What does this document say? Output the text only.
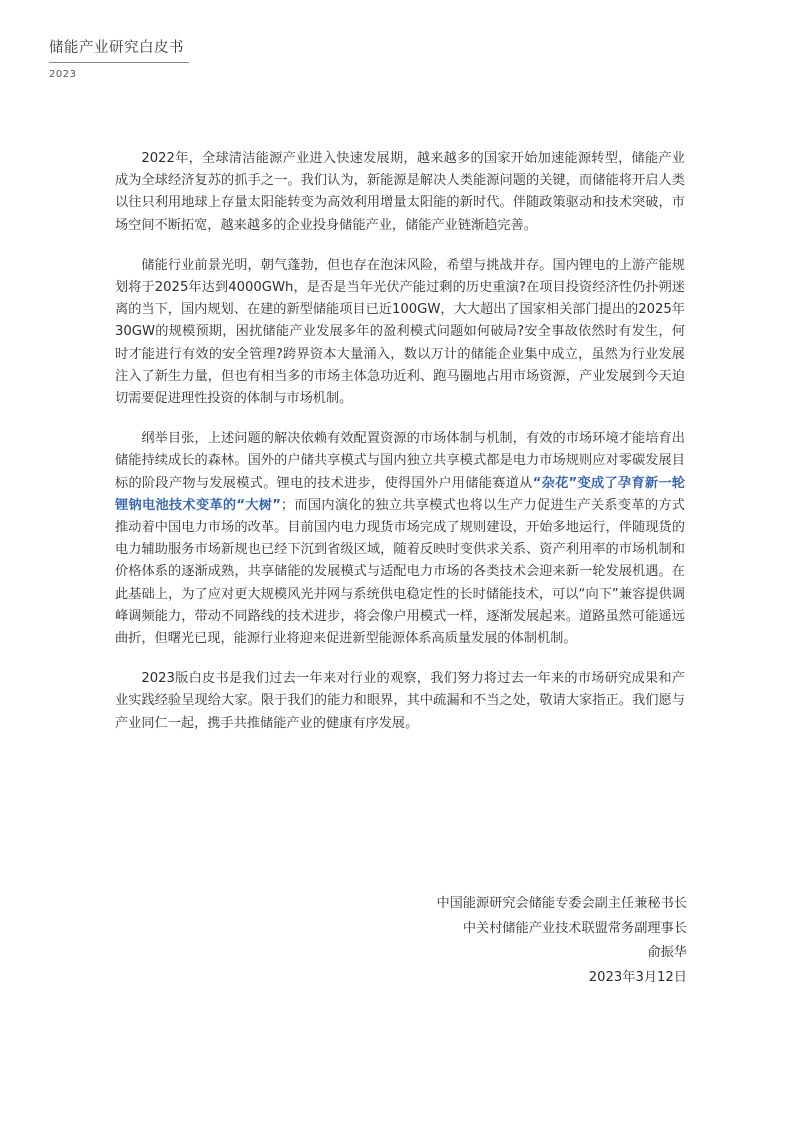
储能产业研究白皮书
2023

2022年，全球清洁能源产业进入快速发展期，越来越多的国家开始加速能源转型，储能产业成为全球经济复苏的抓手之一。我们认为，新能源是解决人类能源问题的关键，而储能将开启人类以往只利用地球上存量太阳能转变为高效利用增量太阳能的新时代。伴随政策驱动和技术突破，市场空间不断拓宽，越来越多的企业投身储能产业，储能产业链渐趋完善。

储能行业前景光明，朝气蓬勃，但也存在泡沫风险，希望与挑战并存。国内锂电的上游产能规划将于2025年达到4000GWh，是否是当年光伏产能过剩的历史重演?在项目投资经济性仍扑朔迷离的当下，国内规划、在建的新型储能项目已近100GW，大大超出了国家相关部门提出的2025年30GW的规模预期，困扰储能产业发展多年的盈利模式问题如何破局?安全事故依然时有发生，何时才能进行有效的安全管理?跨界资本大量涌入，数以万计的储能企业集中成立，虽然为行业发展注入了新生力量，但也有相当多的市场主体急功近利、跑马圈地占用市场资源，产业发展到今天迫切需要促进理性投资的体制与市场机制。

纲举目张，上述问题的解决依赖有效配置资源的市场体制与机制，有效的市场环境才能培育出储能持续成长的森林。国外的户储共享模式与国内独立共享模式都是电力市场规则应对零碳发展目标的阶段产物与发展模式。锂电的技术进步，使得国外户用储能赛道从“杂花”变成了孕育新一轮锂钠电池技术变革的“大树”；而国内演化的独立共享模式也将以生产力促进生产关系变革的方式推动着中国电力市场的改革。目前国内电力现货市场完成了规则建设，开始多地运行，伴随现货的电力辅助服务市场新规也已经下沉到省级区域，随着反映时变供求关系、资产利用率的市场机制和价格体系的逐渐成熟，共享储能的发展模式与适配电力市场的各类技术会迎来新一轮发展机遇。在此基础上，为了应对更大规模风光并网与系统供电稳定性的长时储能技术，可以“向下”兼容提供调峰调频能力，带动不同路线的技术进步，将会像户用模式一样，逐渐发展起来。道路虽然可能遥远曲折，但曙光已现，能源行业将迎来促进新型能源体系高质量发展的体制机制。

2023版白皮书是我们过去一年来对行业的观察，我们努力将过去一年来的市场研究成果和产业实践经验呈现给大家。限于我们的能力和眼界，其中疏漏和不当之处，敬请大家指正。我们愿与产业同仁一起，携手共推储能产业的健康有序发展。

中国能源研究会储能专委会副主任兼秘书长
中关村储能产业技术联盟常务副理事长
俞振华
2023年3月12日
